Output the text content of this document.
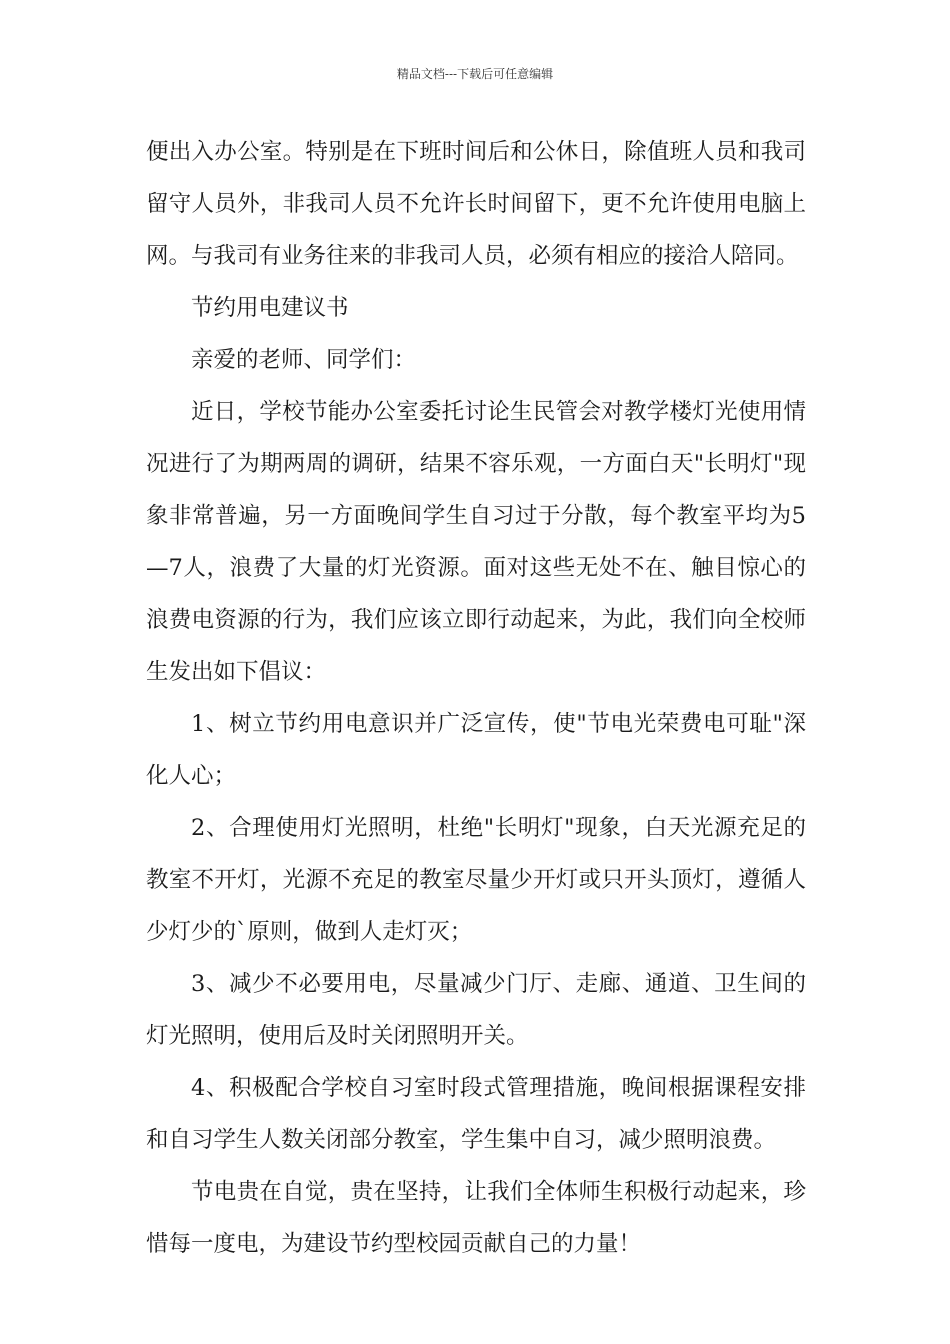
精品文档---下载后可任意编辑

便出入办公室。特别是在下班时间后和公休日，除值班人员和我司留守人员外，非我司人员不允许长时间留下，更不允许使用电脑上网。与我司有业务往来的非我司人员，必须有相应的接洽人陪同。

节约用电建议书

亲爱的老师、同学们：

近日，学校节能办公室委托讨论生民管会对教学楼灯光使用情况进行了为期两周的调研，结果不容乐观，一方面白天"长明灯"现象非常普遍，另一方面晚间学生自习过于分散，每个教室平均为5—7人，浪费了大量的灯光资源。面对这些无处不在、触目惊心的浪费电资源的行为，我们应该立即行动起来，为此，我们向全校师生发出如下倡议：

1、树立节约用电意识并广泛宣传，使"节电光荣费电可耻"深化人心；

2、合理使用灯光照明，杜绝"长明灯"现象，白天光源充足的教室不开灯，光源不充足的教室尽量少开灯或只开头顶灯，遵循人少灯少的`原则，做到人走灯灭；

3、减少不必要用电，尽量减少门厅、走廊、通道、卫生间的灯光照明，使用后及时关闭照明开关。

4、积极配合学校自习室时段式管理措施，晚间根据课程安排和自习学生人数关闭部分教室，学生集中自习，减少照明浪费。

节电贵在自觉，贵在坚持，让我们全体师生积极行动起来，珍惜每一度电，为建设节约型校园贡献自己的力量！
